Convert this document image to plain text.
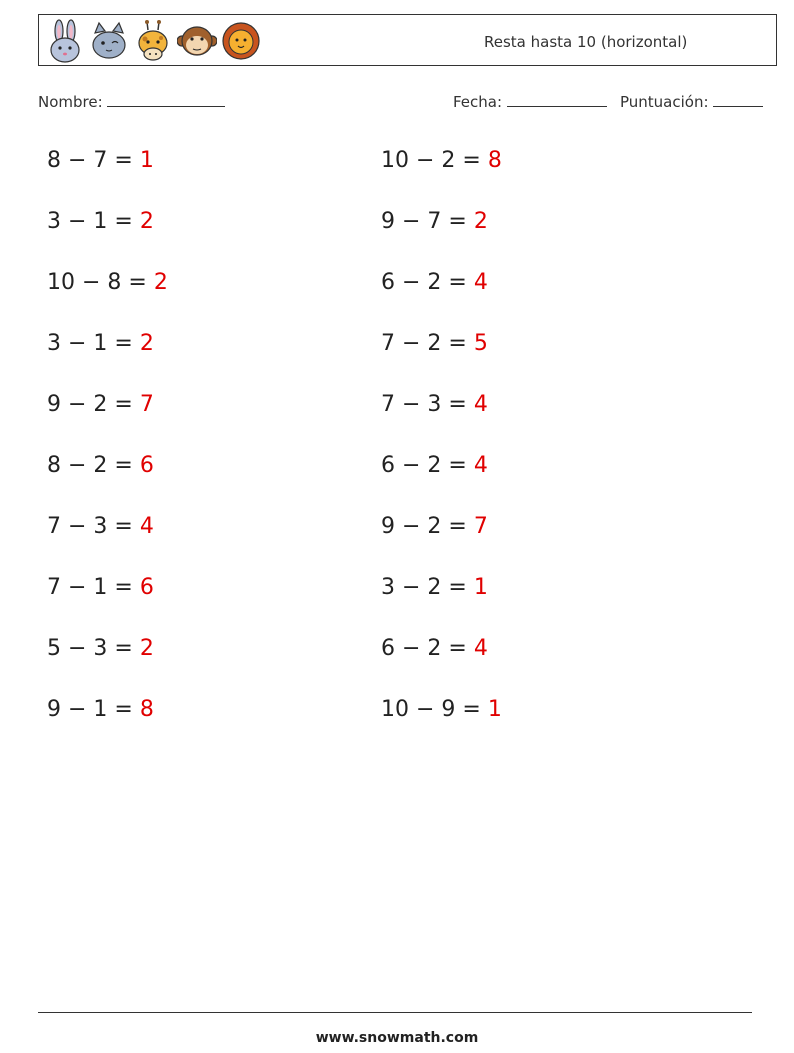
Resta hasta 10 (horizontal)
Nombre:	Fecha:	Puntuación:
8 − 7 = 1
3 − 1 = 2
10 − 8 = 2
3 − 1 = 2
9 − 2 = 7
8 − 2 = 6
7 − 3 = 4
7 − 1 = 6
5 − 3 = 2
9 − 1 = 8
10 − 2 = 8
9 − 7 = 2
6 − 2 = 4
7 − 2 = 5
7 − 3 = 4
6 − 2 = 4
9 − 2 = 7
3 − 2 = 1
6 − 2 = 4
10 − 9 = 1
www.snowmath.com
